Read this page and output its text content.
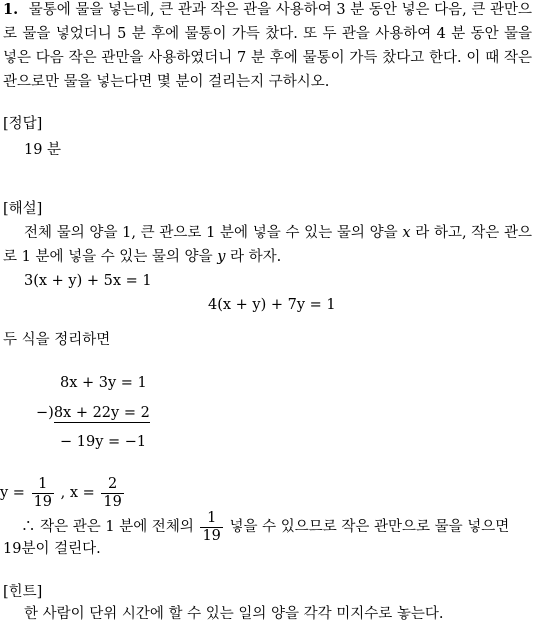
1. 물통에 물을 넣는데, 큰 관과 작은 관을 사용하여 3 분 동안 넣은 다음, 큰 관만으로 물을 넣었더니 5 분 후에 물통이 가득 찼다. 또 두 관을 사용하여 4 분 동안 물을 넣은 다음 작은 관만을 사용하였더니 7 분 후에 물통이 가득 찼다고 한다. 이 때 작은 관으로만 물을 넣는다면 몇 분이 걸리는지 구하시오.
[정답]
19 분
[해설]
전체 물의 양을 1, 큰 관으로 1 분에 넣을 수 있는 물의 양을 x 라 하고, 작은 관으로 1 분에 넣을 수 있는 물의 양을 y 라 하자.
3(x + y) + 5x = 1
4(x + y) + 7y = 1
두 식을 정리하면
8x + 3y = 1
−)8x + 22y = 2
− 19y = −1
$y = \frac{1}{19}$ , $x = \frac{2}{19}$
∴ 작은 관은 1 분에 전체의 $\frac{1}{19}$ 넣을 수 있으므로 작은 관만으로 물을 넣으면
19분이 걸린다.
[힌트]
한 사람이 단위 시간에 할 수 있는 일의 양을 각각 미지수로 놓는다.
